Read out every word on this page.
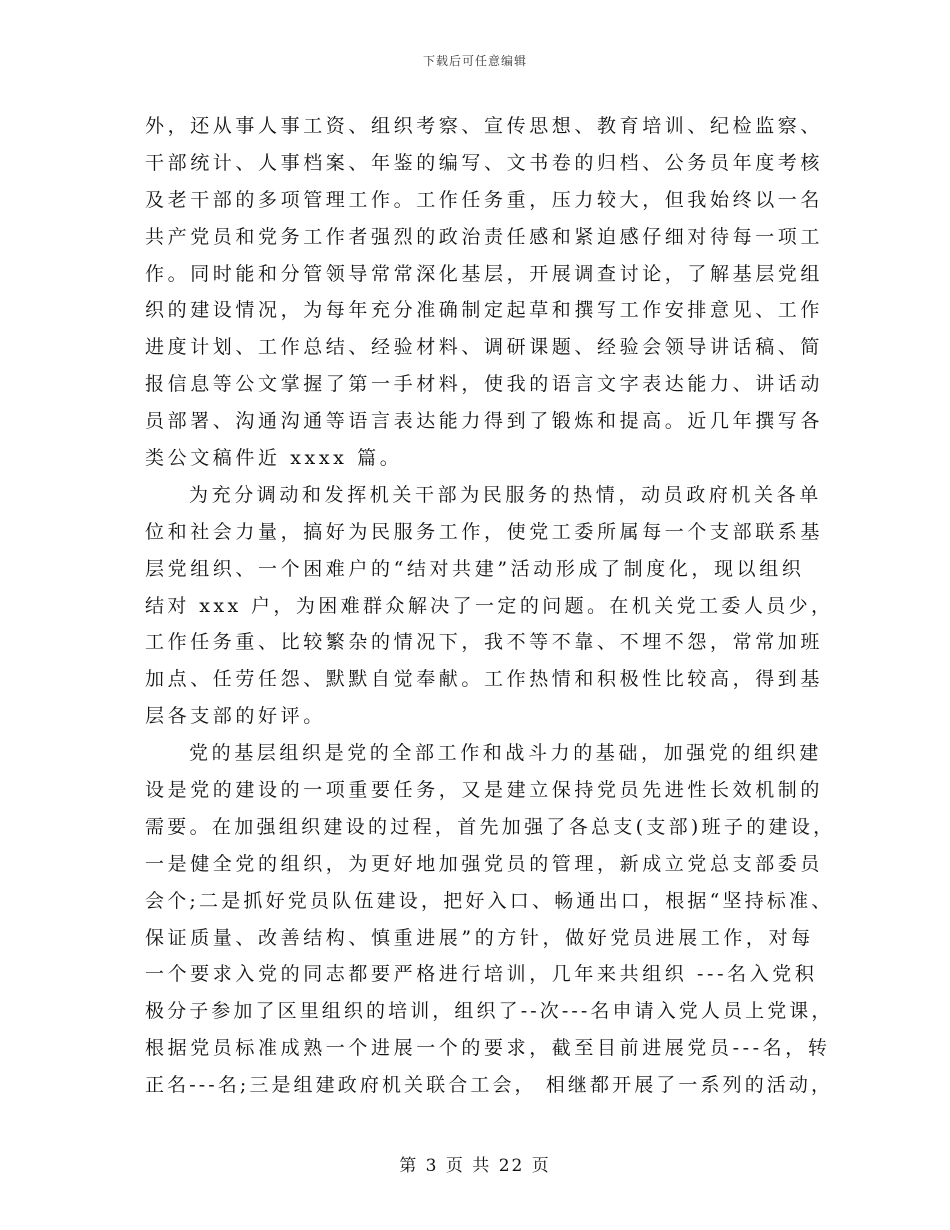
下载后可任意编辑
外，还从事人事工资、组织考察、宣传思想、教育培训、纪检监察、
干部统计、人事档案、年鉴的编写、文书卷的归档、公务员年度考核
及老干部的多项管理工作。工作任务重，压力较大，但我始终以一名
共产党员和党务工作者强烈的政治责任感和紧迫感仔细对待每一项工
作。同时能和分管领导常常深化基层，开展调查讨论，了解基层党组
织的建设情况，为每年充分准确制定起草和撰写工作安排意见、工作
进度计划、工作总结、经验材料、调研课题、经验会领导讲话稿、简
报信息等公文掌握了第一手材料，使我的语言文字表达能力、讲话动
员部署、沟通沟通等语言表达能力得到了锻炼和提高。近几年撰写各
类公文稿件近 xxxx 篇。
为充分调动和发挥机关干部为民服务的热情，动员政府机关各单
位和社会力量，搞好为民服务工作，使党工委所属每一个支部联系基
层党组织、一个困难户的“结对共建”活动形成了制度化，现以组织
结对 xxx 户，为困难群众解决了一定的问题。在机关党工委人员少，
工作任务重、比较繁杂的情况下，我不等不靠、不埋不怨，常常加班
加点、任劳任怨、默默自觉奉献。工作热情和积极性比较高，得到基
层各支部的好评。
党的基层组织是党的全部工作和战斗力的基础，加强党的组织建
设是党的建设的一项重要任务，又是建立保持党员先进性长效机制的
需要。在加强组织建设的过程，首先加强了各总支(支部)班子的建设，
一是健全党的组织，为更好地加强党员的管理，新成立党总支部委员
会个;二是抓好党员队伍建设，把好入口、畅通出口，根据“坚持标准、
保证质量、改善结构、慎重进展”的方针，做好党员进展工作，对每
一个要求入党的同志都要严格进行培训，几年来共组织 ---名入党积
极分子参加了区里组织的培训，组织了--次---名申请入党人员上党课，
根据党员标准成熟一个进展一个的要求，截至目前进展党员---名，转
正名---名;三是组建政府机关联合工会， 相继都开展了一系列的活动，
第 3 页 共 22 页
